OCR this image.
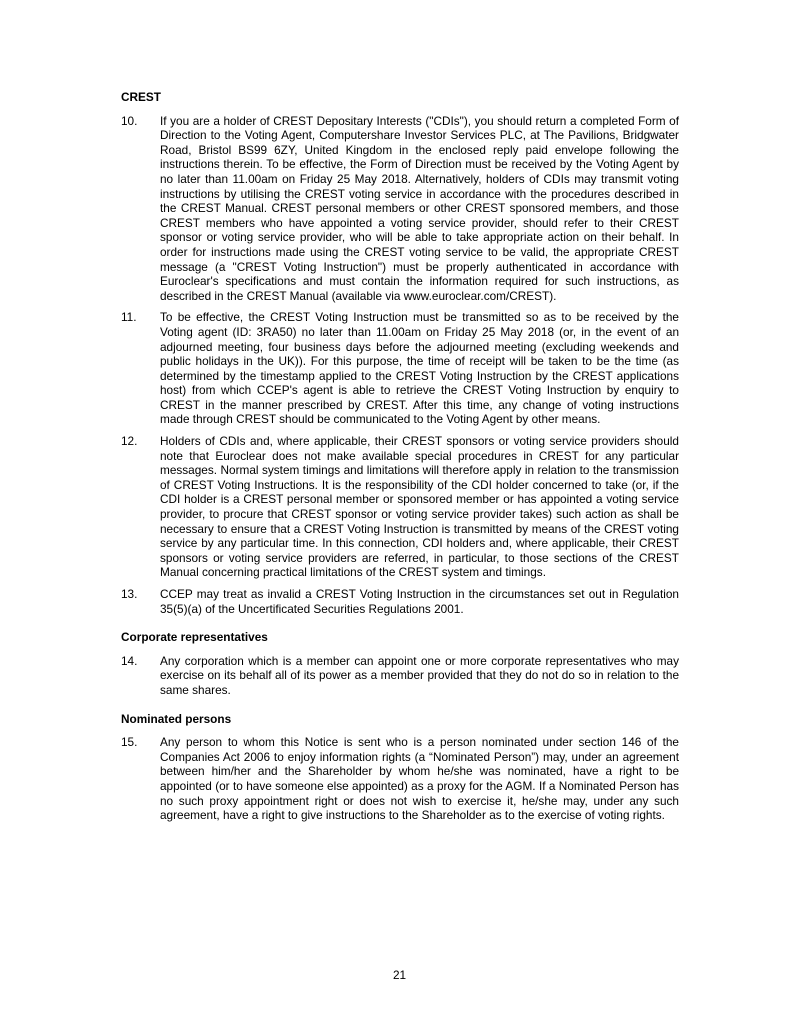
CREST
10.	If you are a holder of CREST Depositary Interests ("CDIs"), you should return a completed Form of Direction to the Voting Agent, Computershare Investor Services PLC, at The Pavilions, Bridgwater Road, Bristol BS99 6ZY, United Kingdom in the enclosed reply paid envelope following the instructions therein. To be effective, the Form of Direction must be received by the Voting Agent by no later than 11.00am on Friday 25 May 2018. Alternatively, holders of CDIs may transmit voting instructions by utilising the CREST voting service in accordance with the procedures described in the CREST Manual. CREST personal members or other CREST sponsored members, and those CREST members who have appointed a voting service provider, should refer to their CREST sponsor or voting service provider, who will be able to take appropriate action on their behalf. In order for instructions made using the CREST voting service to be valid, the appropriate CREST message (a "CREST Voting Instruction") must be properly authenticated in accordance with Euroclear's specifications and must contain the information required for such instructions, as described in the CREST Manual (available via www.euroclear.com/CREST).

11.	To be effective, the CREST Voting Instruction must be transmitted so as to be received by the Voting agent (ID: 3RA50) no later than 11.00am on Friday 25 May 2018 (or, in the event of an adjourned meeting, four business days before the adjourned meeting (excluding weekends and public holidays in the UK)). For this purpose, the time of receipt will be taken to be the time (as determined by the timestamp applied to the CREST Voting Instruction by the CREST applications host) from which CCEP's agent is able to retrieve the CREST Voting Instruction by enquiry to CREST in the manner prescribed by CREST. After this time, any change of voting instructions made through CREST should be communicated to the Voting Agent by other means.

12.	Holders of CDIs and, where applicable, their CREST sponsors or voting service providers should note that Euroclear does not make available special procedures in CREST for any particular messages. Normal system timings and limitations will therefore apply in relation to the transmission of CREST Voting Instructions. It is the responsibility of the CDI holder concerned to take (or, if the CDI holder is a CREST personal member or sponsored member or has appointed a voting service provider, to procure that CREST sponsor or voting service provider takes) such action as shall be necessary to ensure that a CREST Voting Instruction is transmitted by means of the CREST voting service by any particular time. In this connection, CDI holders and, where applicable, their CREST sponsors or voting service providers are referred, in particular, to those sections of the CREST Manual concerning practical limitations of the CREST system and timings.

13.	CCEP may treat as invalid a CREST Voting Instruction in the circumstances set out in Regulation 35(5)(a) of the Uncertificated Securities Regulations 2001.

Corporate representatives
14.	Any corporation which is a member can appoint one or more corporate representatives who may exercise on its behalf all of its power as a member provided that they do not do so in relation to the same shares.

Nominated persons
15.	Any person to whom this Notice is sent who is a person nominated under section 146 of the Companies Act 2006 to enjoy information rights (a “Nominated Person”) may, under an agreement between him/her and the Shareholder by whom he/she was nominated, have a right to be appointed (or to have someone else appointed) as a proxy for the AGM. If a Nominated Person has no such proxy appointment right or does not wish to exercise it, he/she may, under any such agreement, have a right to give instructions to the Shareholder as to the exercise of voting rights.

21
